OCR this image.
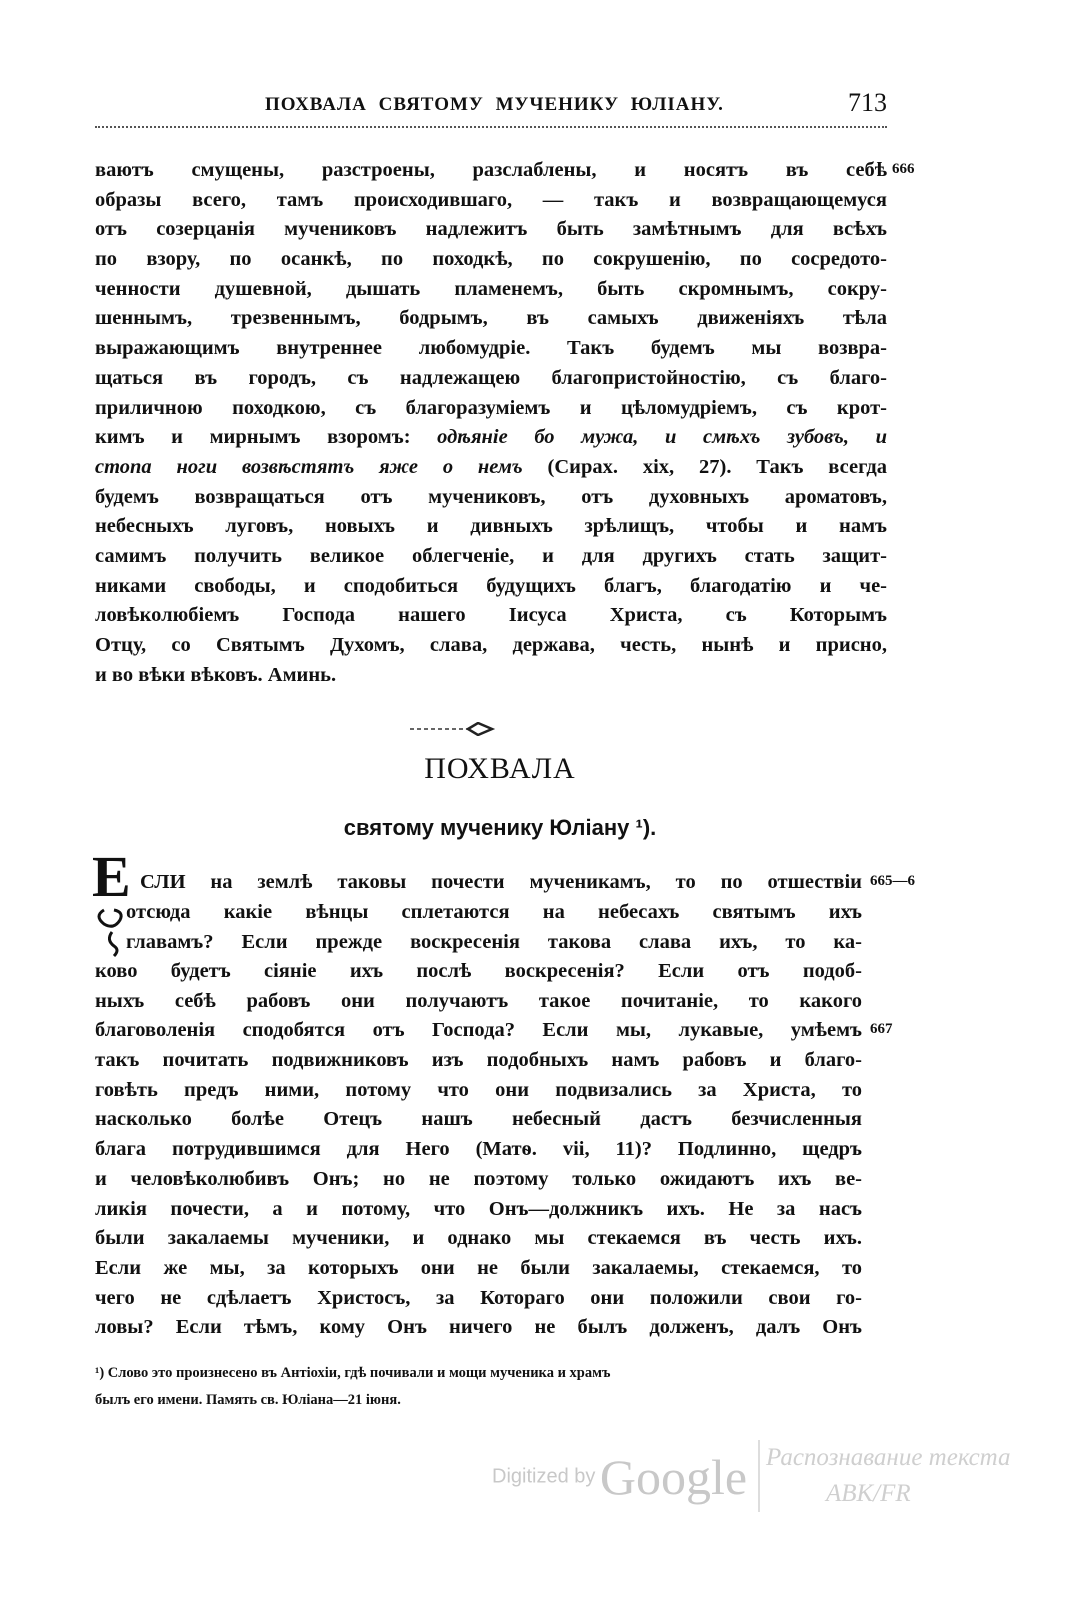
ПОХВАЛА СВЯТОМУ МУЧЕНИКУ ЮЛІАНУ.	713
ваютъ смущены, разстроены, разслаблены, и носятъ въ себѣ
образы всего, тамъ происходившаго, — такъ и возвращающемуся
отъ созерцанія мучениковъ надлежитъ быть замѣтнымъ для всѣхъ
по взору, по осанкѣ, по походкѣ, по сокрушенію, по сосредото-
ченности душевной, дышать пламенемъ, быть скромнымъ, сокру-
шеннымъ, трезвеннымъ, бодрымъ, въ самыхъ движеніяхъ тѣла
выражающимъ внутреннее любомудріе. Такъ будемъ мы возвра-
щаться въ городъ, съ надлежащею благопристойностію, съ благо-
приличною походкою, съ благоразуміемъ и цѣломудріемъ, съ крот-
кимъ и мирнымъ взоромъ: одѣяніе бо мужа, и смѣхъ зубовъ, и
стопа ноги возвѣстятъ яже о немъ (Сирах. xix, 27). Такъ всегда
будемъ возвращаться отъ мучениковъ, отъ духовныхъ ароматовъ,
небесныхъ луговъ, новыхъ и дивныхъ зрѣлищъ, чтобы и намъ
самимъ получить великое облегченіе, и для другихъ стать защит-
никами свободы, и сподобиться будущихъ благъ, благодатію и че-
ловѣколюбіемъ Господа нашего Іисуса Христа, съ Которымъ
Отцу, со Святымъ Духомъ, слава, держава, честь, нынѣ и присно,
и во вѣки вѣковъ. Аминь.
666
ПОХВАЛА
святому мученику Юліану ¹).
Е СЛИ на землѣ таковы почести мученикамъ, то по отшествіи
отсюда какіе вѣнцы сплетаются на небесахъ святымъ ихъ
главамъ? Если прежде воскресенія такова слава ихъ, то ка-
ково будетъ сіяніе ихъ послѣ воскресенія? Если отъ подоб-
ныхъ себѣ рабовъ они получаютъ такое почитаніе, то какого
благоволенія сподобятся отъ Господа? Если мы, лукавые, умѣемъ
такъ почитать подвижниковъ изъ подобныхъ намъ рабовъ и благо-
говѣть предъ ними, потому что они подвизались за Христа, то
насколько болѣе Отецъ нашъ небесный дастъ безчисленныя
блага потрудившимся для Него (Матѳ. vii, 11)? Подлинно, щедръ
и человѣколюбивъ Онъ; но не поэтому только ожидаютъ ихъ ве-
ликія почести, а и потому, что Онъ—должникъ ихъ. Не за насъ
были закалаемы мученики, и однако мы стекаемся въ честь ихъ.
Если же мы, за которыхъ они не были закалаемы, стекаемся, то
чего не сдѣлаетъ Христосъ, за Котораго они положили свои го-
ловы? Если тѣмъ, кому Онъ ничего не былъ долженъ, далъ Онъ
665—6
667
¹) Слово это произнесено въ Антіохіи, гдѣ почивали и мощи мученика и храмъ
былъ его имени. Память св. Юліана—21 іюня.
Digitized by Google Распознавание текста
АВК/FR
